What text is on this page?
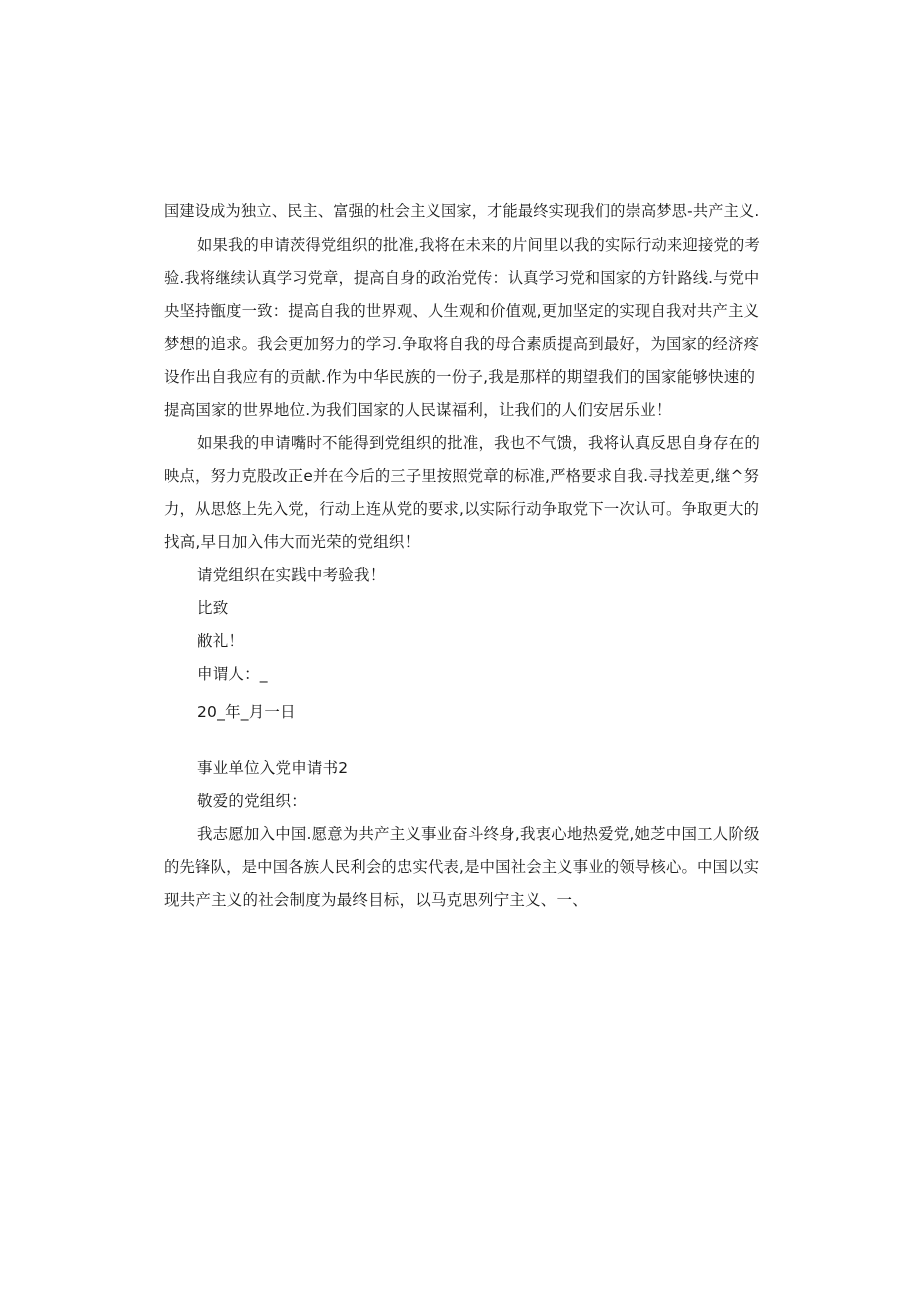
国建设成为独立、民主、富强的杜会主义国家，才能最终实现我们的崇高梦思-共产主义.
如果我的申请茨得党组织的批准,我将在未来的片间里以我的实际行动来迎接党的考
验.我将继续认真学习党章，提高自身的政治党传：认真学习党和国家的方针路线.与党中
央坚持甑度一致：提高自我的世界观、人生观和价值观,更加坚定的实现自我对共产主义
梦想的追求。我会更加努力的学习.争取将自我的母合素质提高到最好，为国家的经济疼
设作出自我应有的贡献.作为中华民族的一份子,我是那样的期望我们的国家能够快速的
提高国家的世界地位.为我们国家的人民谋福利，让我们的人们安居乐业！
如果我的申请嘴时不能得到党组织的批准，我也不气馈，我将认真反思自身存在的
映点，努力克股改正e并在今后的三子里按照党章的标准,严格要求自我.寻找差更,继^努
力，从思悠上先入党，行动上连从党的要求,以实际行动争取党下一次认可。争取更大的
找高,早日加入伟大而光荣的党组织！
请党组织在实践中考验我！
比致
敝礼！
申谓人：_
20_年_月一日
事业单位入党申请书2
敬爱的党组织：
我志愿加入中国.愿意为共产主义事业奋斗终身,我衷心地热爱党,她芝中国工人阶级
的先锋队，是中国各族人民利会的忠实代表,是中国社会主义事业的领导核心。中国以实
现共产主义的社会制度为最终目标，以马克思列宁主义、一、
